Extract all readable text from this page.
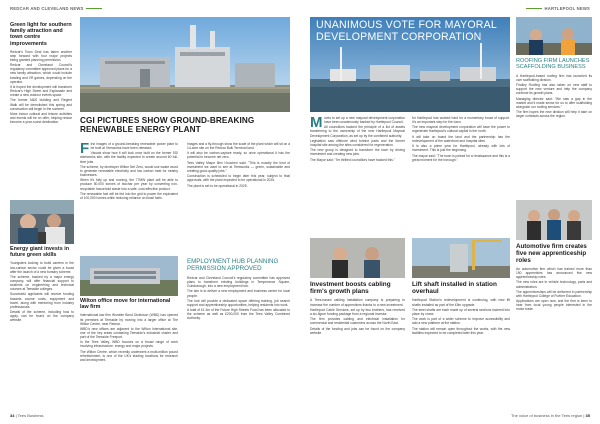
REDCAR AND CLEVELAND NEWS
Green light for southern family attraction and town centre improvements

Redcar's Town Deal has taken another step forward with four major projects being granted planning permission.

Redcar and Cleveland Council's regulatory committee approved plans for a new family attraction, which could include bowling and VR games, depending on the operator.

It is hoped the development will transform Redcar's High Street and Esplanade and create a new outdoor events space.

The former M&S building and Regent Walk will be demolished this spring and construction will begin in the summer.

More indoor cultural and leisure activities and events will be on offer, helping redcar become a year-round destination.	CGI PICTURES SHOW GROUND-BREAKING RENEWABLE ENERGY PLANT
F irst images of a ground-breaking renewable power plant to be built at Teesworks have been released.

Visuals show how it will look once built on the former SSI steelworks site, with the facility expected to create around 60 full-time jobs.

The scheme, by developer Wilton Net Zero, would use waste wood to generate renewable electricity and low carbon heat for nearby businesses.

When it's fully up and running, the 77MW plant will be able to produce 50,000 tonnes of biochar per year by converting non-recyclable household waste into a safe, cost-effective product.

The renewable fuel will be fed into the grid to power the equivalent of 100,000 homes while reducing reliance on fossil fuels.

Images and a fly-through show the scale of the plant which will sit on a 14-acre site on the Redcar Bulk Terminal land.

It will also be carbon-capture ready, so once operational it has the potential to become net zero.

Tees Valley Mayor Ben Houchen said: "This is exactly the kind of investment we want to see at Teesworks — green, sustainable and creating good-quality jobs."

Construction is scheduled to begin later this year, subject to final approvals, with the plant expected to be operational in 2025.

The plant is set to be operational in 2025.

Energy giant invests in future green skills

Youngsters looking to build careers in the low-carbon sector could be given a boost after the launch of a new bursary scheme.

The scheme, backed by a major energy company, will offer financial support to students on engineering and technical courses at Teesside colleges.

Successful applicants will receive funding towards course costs, equipment and travel, along with mentoring from industry professionals.

Details of the scheme, including how to apply, can be found on the company website.

Wilton office move for international law firm

International law firm Womble Bond Dickinson (WBD) has opened its premises at Teesside by moving into a larger office at The Wilton Centre, near Redcar.

WBD's new offices are adjacent to the Wilton International site, one of the key areas containing Teesside's industrial cluster and part of the Teesside Freeport.

In the Tees Valley, WBD focuses on a broad range of work involving infrastructure, energy and major projects.

The Wilton Centre, which recently underwent a multi-million pound refurbishment, is one of the UK's leading locations for research and development.

EMPLOYMENT HUB PLANNING PERMISSION APPROVED

Redcar and Cleveland Council's regulatory committee has approved plans to transform existing buildings in Temperance Square, Guisborough, into a new employment hub.

The aim is to deliver a new employment and business centre for local people.

The hub will provide a dedicated space offering training, job search support and apprenticeship opportunities, helping residents into work.

A total of £1.3m of the Future High Streets Fund has been allocated to the scheme as well as £200,000 from the Tees Valley Combined Authority.

34 | Tees Business
HARTLEPOOL NEWS
UNANIMOUS VOTE FOR MAYORAL DEVELOPMENT CORPORATION
M oves to set up a new mayoral development corporation have been unanimously backed by Hartlepool Council.

All councillors backed the principle of a list of assets transferring to the ownership of the new Hartlepool Mayoral Development Corporation, as set up by the combined authority.

Legislation saw offshore wind turbine parts and the former hospital site among the sites considered for regeneration.

The new group is designed to transform the town by driving investment and creating new jobs.

The Mayor said: "I'm thrilled councillors have backed this."

for Hartlepool has worked hard for a momentary boost of support. It's an important step for the town.

The new mayoral development corporation will have the power to regenerate Hartlepool's cultural capital in the north.

It will take on board the land and the partnership has the redevelopment of the waterfront and hospital sites.

It is also a prime year for Hartlepool, already with lots of investment. This is just the beginning.

The mayor said: "The town is poised for a renaissance and this is a great moment for the borough."

ROOFING FIRM LAUNCHES SCAFFOLDING BUSINESS

A Hartlepool-based roofing firm has launched its own scaffolding division.

Findley Roofing has also taken on new staff to support the new venture and help the company continue its growth plans.

Managing director said: "We saw a gap in the market and it made sense for us to offer scaffolding alongside our roofing services."

The firm hopes the new division will help it take on larger contracts across the region.

Investment boosts cabling firm's growth plans

A Tees-based cabling installation company is preparing to increase the number of apprentices thanks to a new investment.

Hartlepool Cable Services, set up by two brothers, has received a six-figure funding package from a regional investor.

The firm provides cabling and electrical installation for commercial and residential customers across the North East.

Details of the funding and jobs can be found on the company website.

Lift shaft installed in station overhaul

Hartlepool Station's redevelopment is continuing, with new lift shafts installed as part of the £5m upgrade.

The steel shafts are each made up of several sections lowered into place by crane.

The work is part of a wider scheme to improve accessibility and add a new platform at the station.

The station will remain open throughout the works, with the new facilities expected to be completed later this year.

Automotive firm creates five new apprenticeship roles

An automotive firm which has trained more than 150 apprentices has announced five new apprenticeship roles.

The new roles are in vehicle technology, parts and administration.

The apprenticeships will be delivered in partnership with Hartlepool College of Further Education.

Applications are open now, and the firm is keen to hear from local young people interested in the motor trade.

The voice of business in the Tees region | 35
